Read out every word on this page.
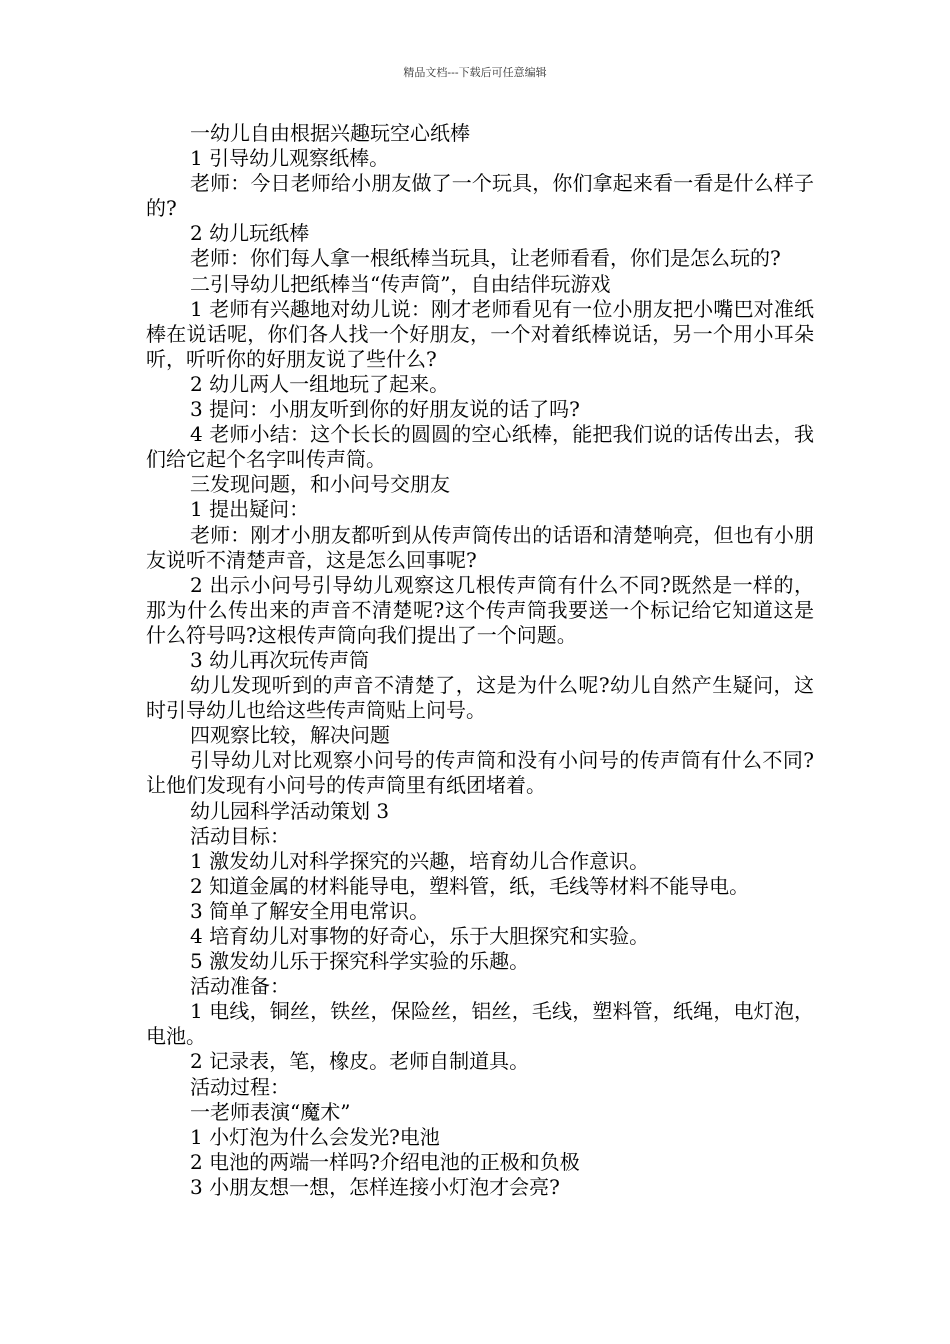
精品文档---下载后可任意编辑

一幼儿自由根据兴趣玩空心纸棒

1 引导幼儿观察纸棒。

老师：今日老师给小朋友做了一个玩具，你们拿起来看一看是什么样子的?

2 幼儿玩纸棒

老师：你们每人拿一根纸棒当玩具，让老师看看，你们是怎么玩的?

二引导幼儿把纸棒当“传声筒”，自由结伴玩游戏

1 老师有兴趣地对幼儿说：刚才老师看见有一位小朋友把小嘴巴对准纸棒在说话呢，你们各人找一个好朋友，一个对着纸棒说话，另一个用小耳朵听，听听你的好朋友说了些什么?

2 幼儿两人一组地玩了起来。

3 提问：小朋友听到你的好朋友说的话了吗?

4 老师小结：这个长长的圆圆的空心纸棒，能把我们说的话传出去，我们给它起个名字叫传声筒。

三发现问题，和小问号交朋友

1 提出疑问：

老师：刚才小朋友都听到从传声筒传出的话语和清楚响亮，但也有小朋友说听不清楚声音，这是怎么回事呢?

2 出示小问号引导幼儿观察这几根传声筒有什么不同?既然是一样的，那为什么传出来的声音不清楚呢?这个传声筒我要送一个标记给它知道这是什么符号吗?这根传声筒向我们提出了一个问题。

3 幼儿再次玩传声筒

幼儿发现听到的声音不清楚了，这是为什么呢?幼儿自然产生疑问，这时引导幼儿也给这些传声筒贴上问号。

四观察比较，解决问题

引导幼儿对比观察小问号的传声筒和没有小问号的传声筒有什么不同?让他们发现有小问号的传声筒里有纸团堵着。

幼儿园科学活动策划 3

活动目标：

1 激发幼儿对科学探究的兴趣，培育幼儿合作意识。

2 知道金属的材料能导电，塑料管，纸，毛线等材料不能导电。

3 简单了解安全用电常识。

4 培育幼儿对事物的好奇心，乐于大胆探究和实验。

5 激发幼儿乐于探究科学实验的乐趣。

活动准备：

1 电线，铜丝，铁丝，保险丝，铝丝，毛线，塑料管，纸绳，电灯泡，电池。

2 记录表，笔，橡皮。老师自制道具。

活动过程：

一老师表演“魔术”

1 小灯泡为什么会发光?电池

2 电池的两端一样吗?介绍电池的正极和负极

3 小朋友想一想，怎样连接小灯泡才会亮?
